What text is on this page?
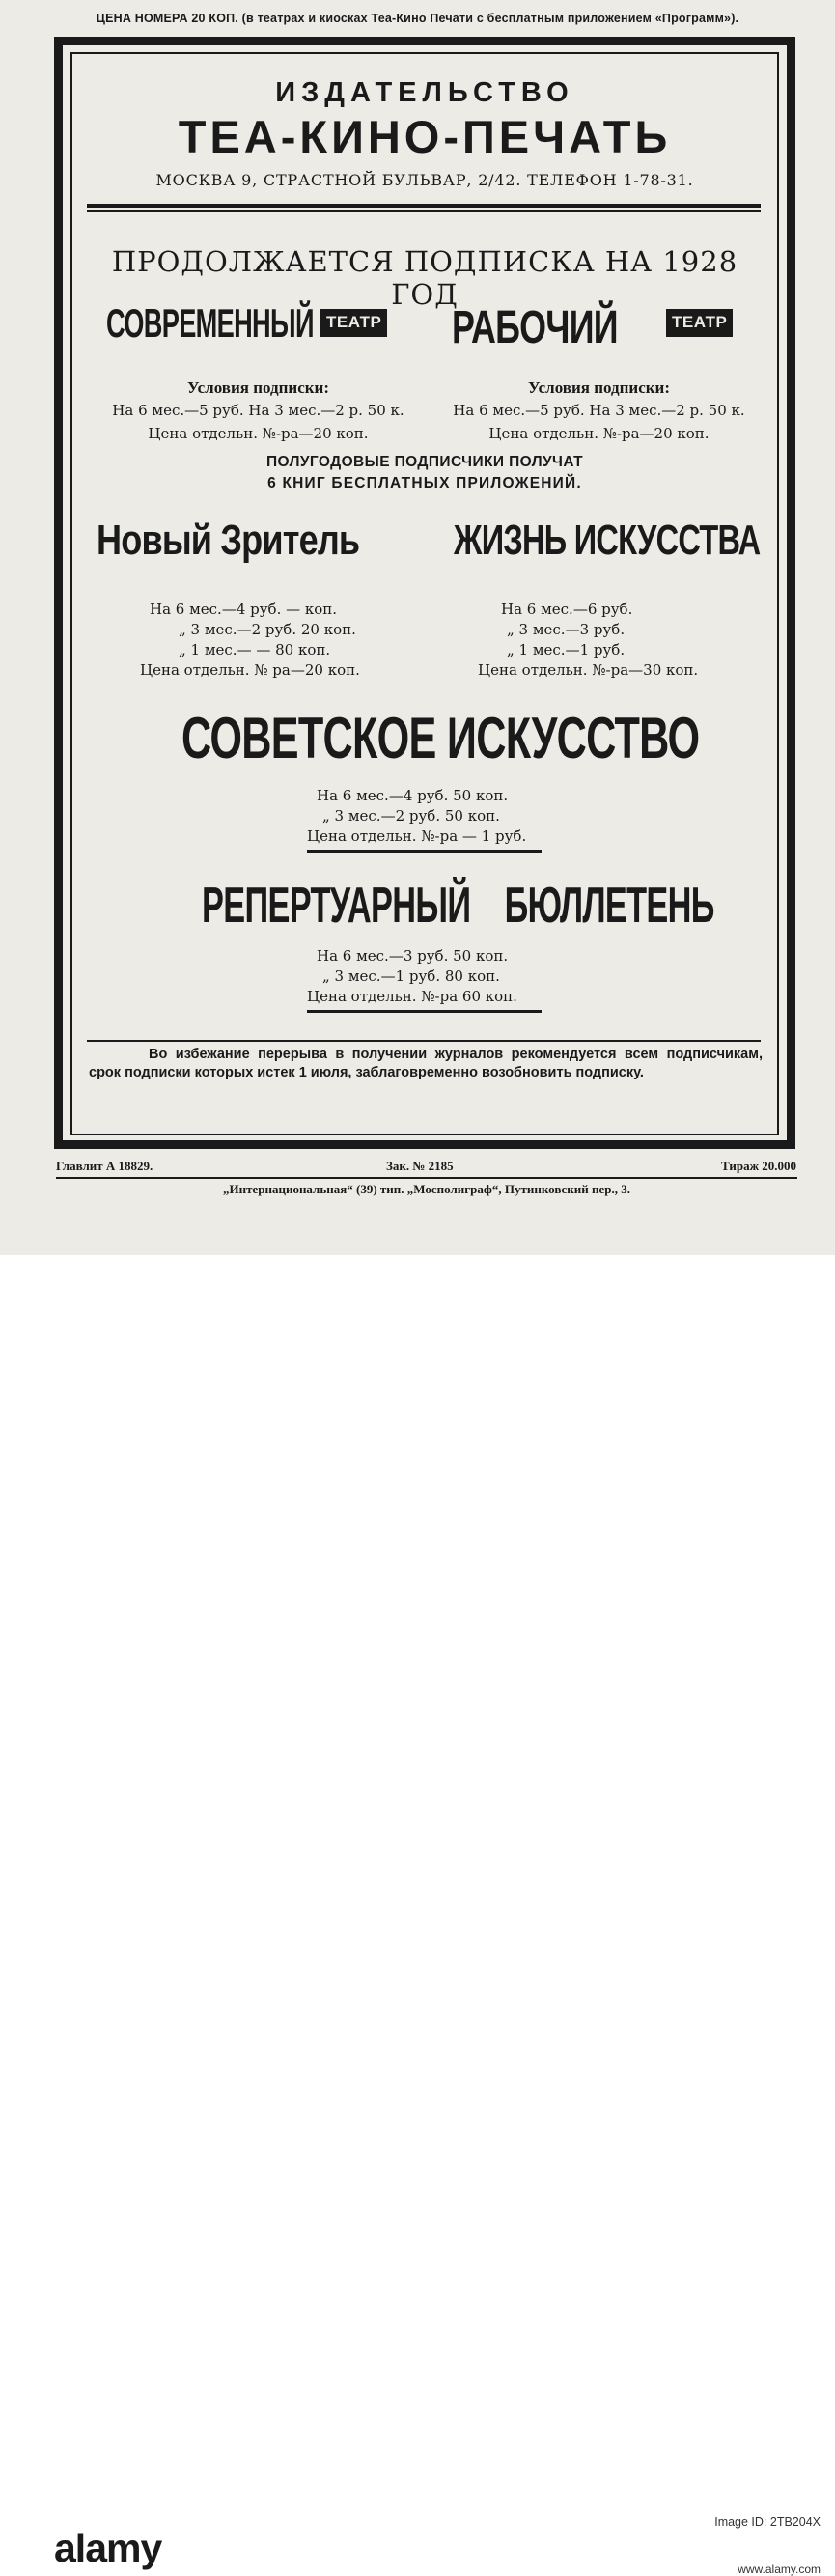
ЦЕНА НОМЕРА 20 КОП. (в театрах и киосках Теа-Кино Печати с бесплатным приложением «Программ»).
ИЗДАТЕЛЬСТВО
ТЕА-КИНО-ПЕЧАТЬ
МОСКВА 9, СТРАСТНОЙ БУЛЬВАР, 2/42. ТЕЛЕФОН 1-78-31.
ПРОДОЛЖАЕТСЯ ПОДПИСКА НА 1928 ГОД
СОВРЕМЕННЫЙ ТЕАТР
Условия подписки:
На 6 мес.—5 руб. На 3 мес.—2 р. 50 к.
Цена отдельн. №-ра—20 коп.
РАБОЧИЙ	ТЕАТР
Условия подписки:
На 6 мес.—5 руб. На 3 мес.—2 р. 50 к.
Цена отдельн. №-ра—20 коп.
ПОЛУГОДОВЫЕ ПОДПИСЧИКИ ПОЛУЧАТ
6 КНИГ БЕСПЛАТНЫХ ПРИЛОЖЕНИЙ.
Новый Зритель
На 6 мес.—4 руб. — коп.
„ 3 мес.—2 руб. 20 коп.
„ 1 мес.— — 80 коп.
Цена отдельн. № ра—20 коп.
ЖИЗНЬ ИСКУССТВА
На 6 мес.—6 руб.
„ 3 мес.—3 руб.
„ 1 мес.—1 руб.
Цена отдельн. №-ра—30 коп.
СОВЕТСКОЕ ИСКУССТВО
На 6 мес.—4 руб. 50 коп.
„ 3 мес.—2 руб. 50 коп.
Цена отдельн. №-ра — 1 руб.
РЕПЕРТУАРНЫЙ БЮЛЛЕТЕНЬ
На 6 мес.—3 руб. 50 коп.
„ 3 мес.—1 руб. 80 коп.
Цена отдельн. №-ра 60 коп.
Во избежание перерыва в получении журналов рекомендуется всем подписчикам, срок подписки которых истек 1 июля, заблаговременно возобновить подписку.
Главлит А 18829.	Зак. № 2185	Тираж 20.000
„Интернациональная“ (39) тип. „Мосполиграф“, Путинковский пер., 3.
alamy
Image ID: 2TB204X
www.alamy.com
